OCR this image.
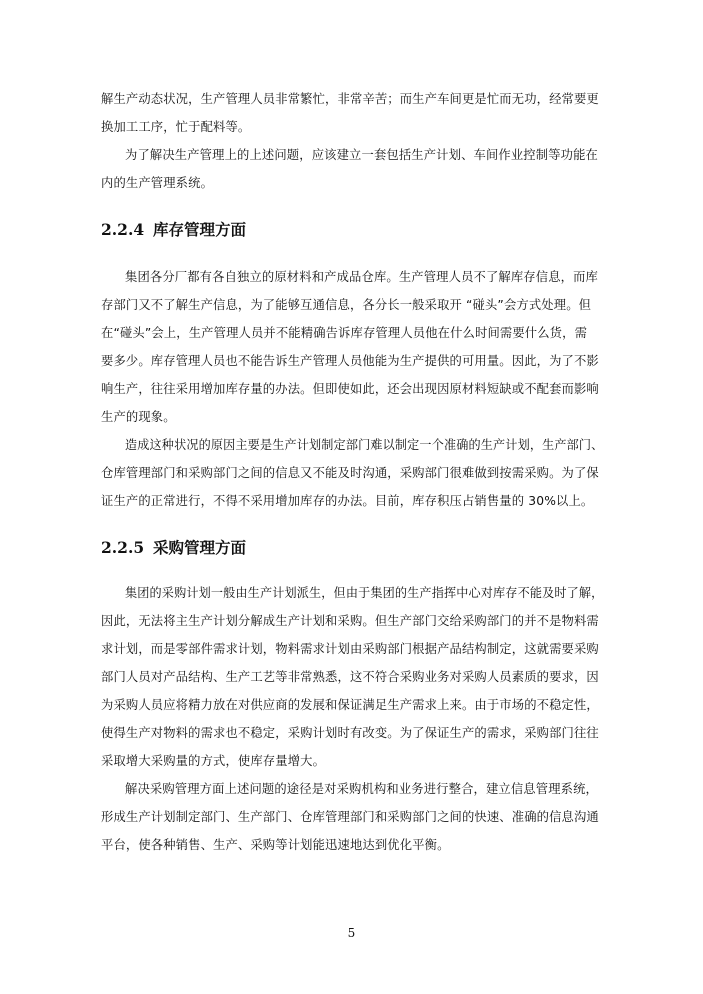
解生产动态状况，生产管理人员非常繁忙，非常辛苦；而生产车间更是忙而无功，经常要更
换加工工序，忙于配料等。
为了解决生产管理上的上述问题，应该建立一套包括生产计划、车间作业控制等功能在
内的生产管理系统。
2.2.4 库存管理方面
集团各分厂都有各自独立的原材料和产成品仓库。生产管理人员不了解库存信息，而库
存部门又不了解生产信息，为了能够互通信息，各分长一般采取开 “碰头”会方式处理。但
在“碰头”会上，生产管理人员并不能精确告诉库存管理人员他在什么时间需要什么货，需
要多少。库存管理人员也不能告诉生产管理人员他能为生产提供的可用量。因此，为了不影
响生产，往往采用增加库存量的办法。但即使如此，还会出现因原材料短缺或不配套而影响
生产的现象。
造成这种状况的原因主要是生产计划制定部门难以制定一个准确的生产计划，生产部门、
仓库管理部门和采购部门之间的信息又不能及时沟通，采购部门很难做到按需采购。为了保
证生产的正常进行，不得不采用增加库存的办法。目前，库存积压占销售量的 30%以上。
2.2.5 采购管理方面
集团的采购计划一般由生产计划派生，但由于集团的生产指挥中心对库存不能及时了解，
因此，无法将主生产计划分解成生产计划和采购。但生产部门交给采购部门的并不是物料需
求计划，而是零部件需求计划，物料需求计划由采购部门根据产品结构制定，这就需要采购
部门人员对产品结构、生产工艺等非常熟悉，这不符合采购业务对采购人员素质的要求，因
为采购人员应将精力放在对供应商的发展和保证满足生产需求上来。由于市场的不稳定性，
使得生产对物料的需求也不稳定，采购计划时有改变。为了保证生产的需求，采购部门往往
采取增大采购量的方式，使库存量增大。
解决采购管理方面上述问题的途径是对采购机构和业务进行整合，建立信息管理系统，
形成生产计划制定部门、生产部门、仓库管理部门和采购部门之间的快速、准确的信息沟通
平台，使各种销售、生产、采购等计划能迅速地达到优化平衡。
5
